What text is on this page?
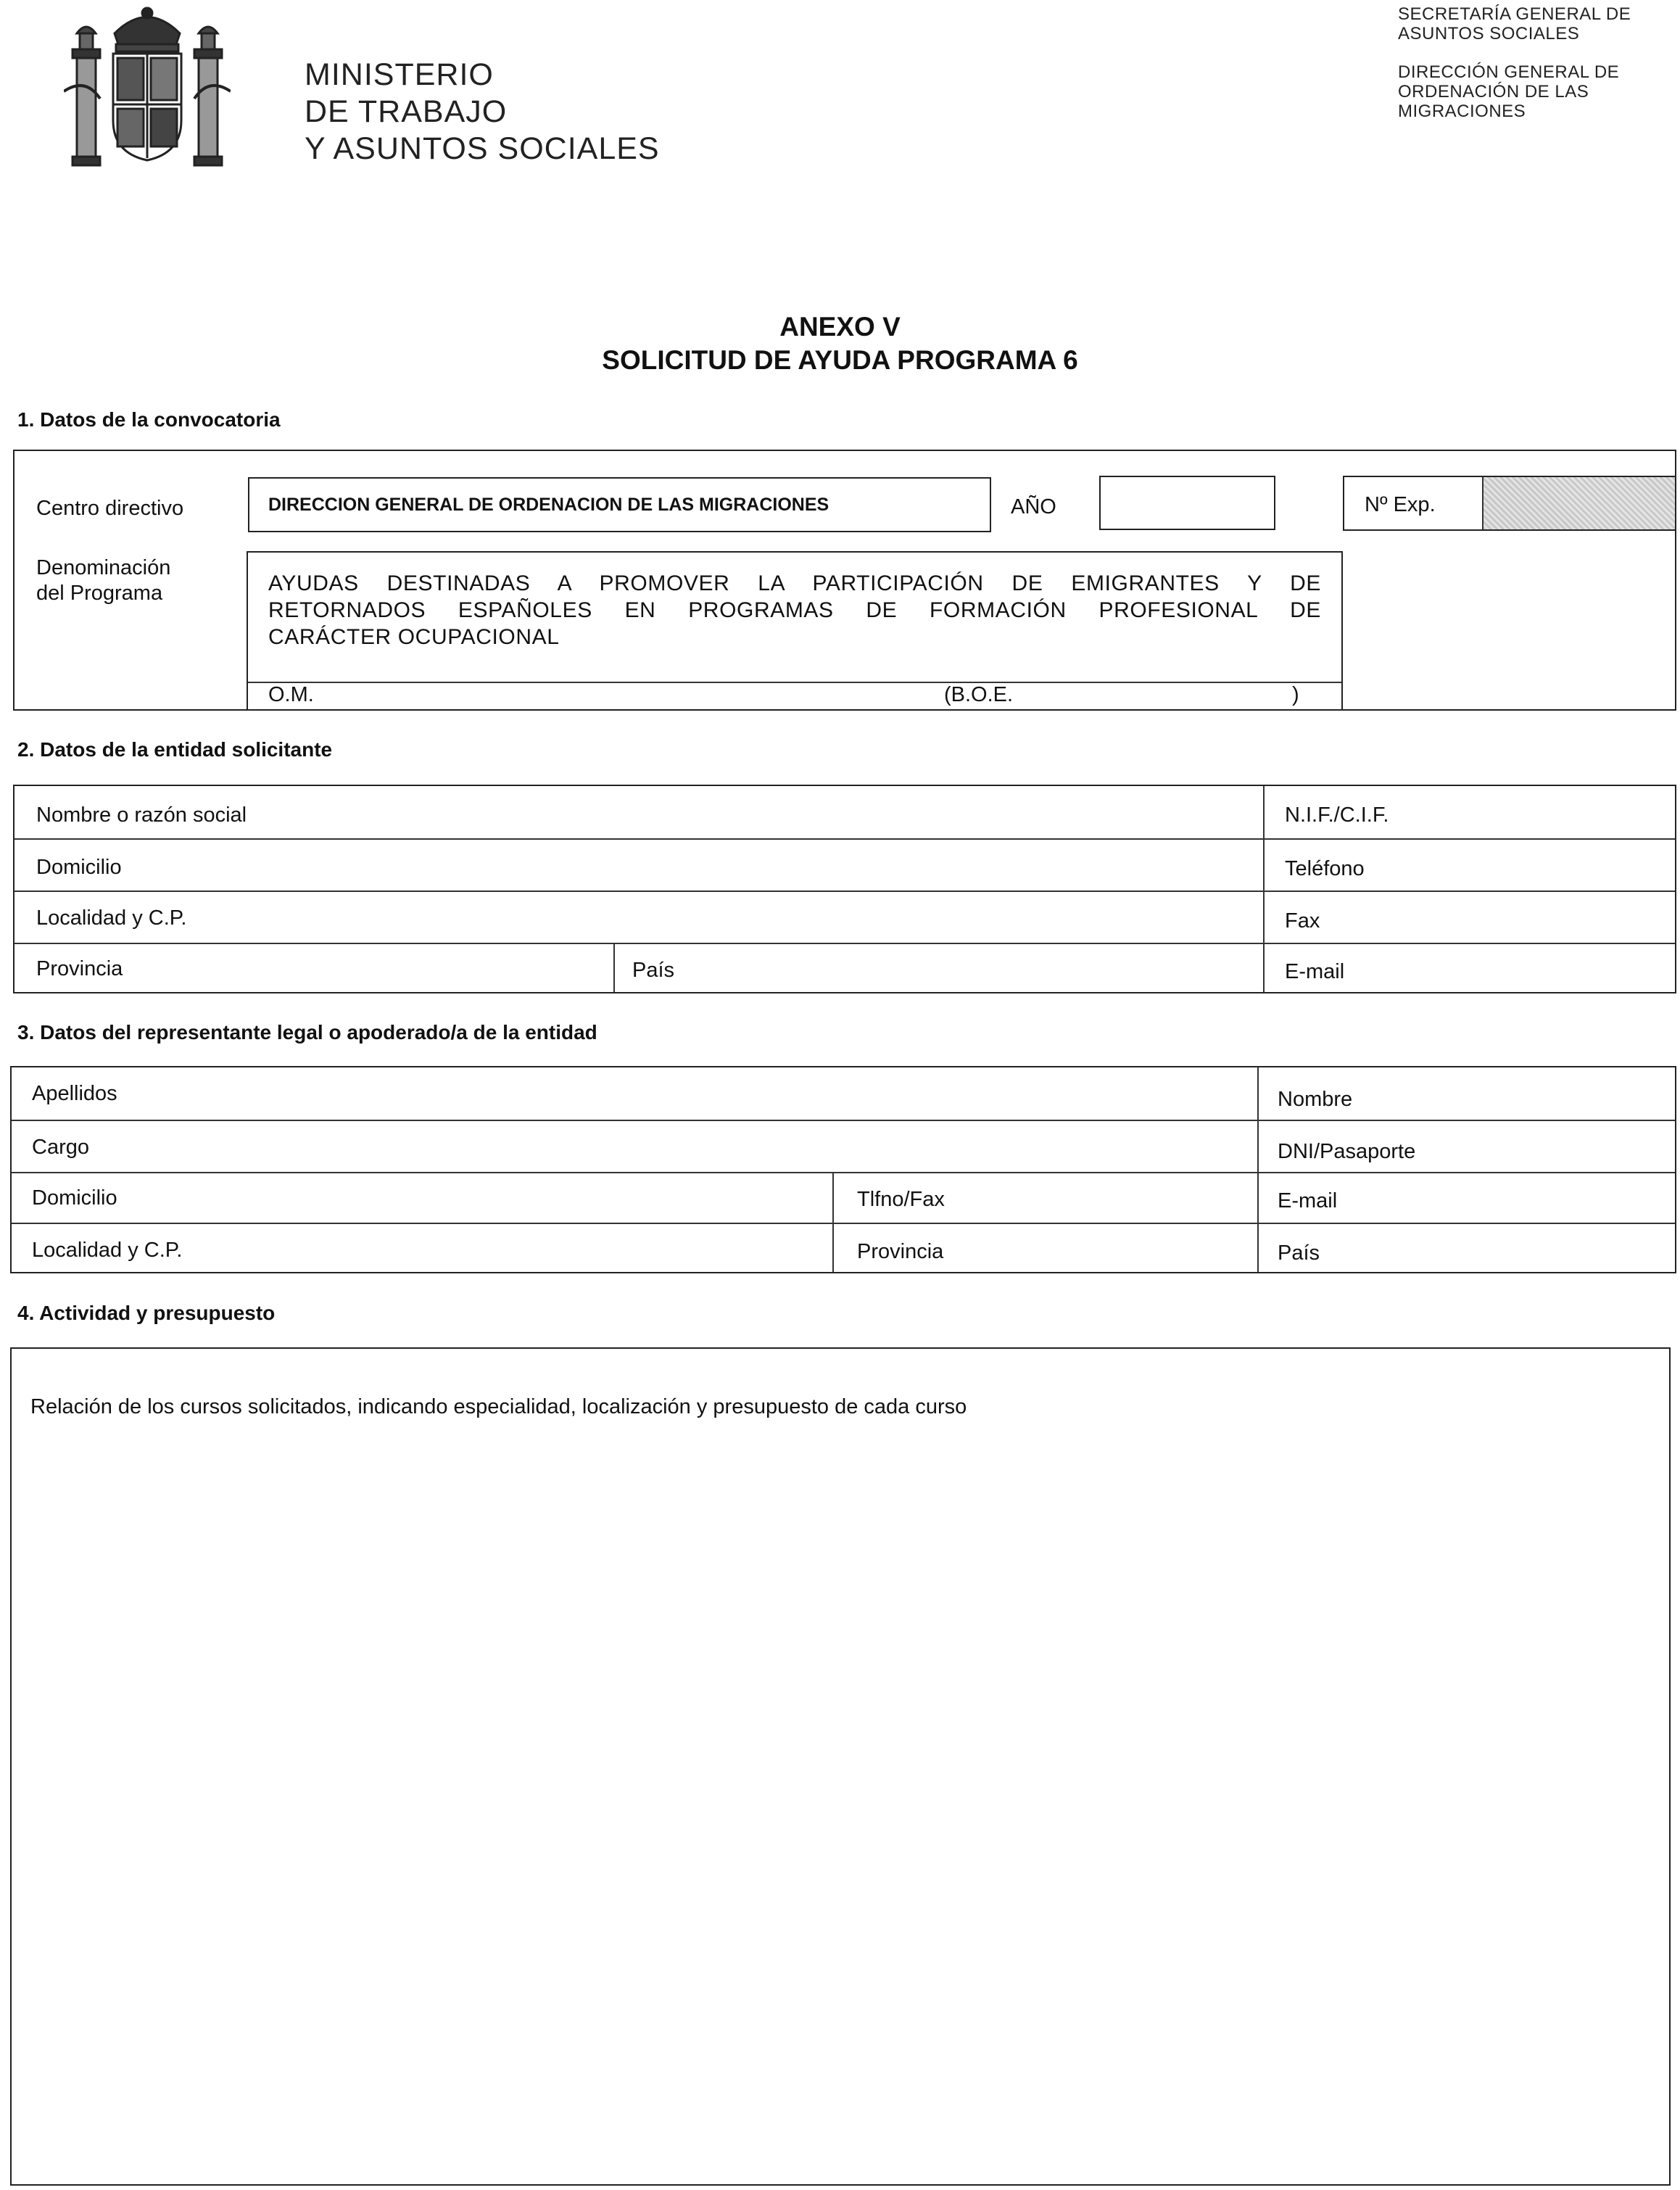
MINISTERIO
DE TRABAJO
Y ASUNTOS SOCIALES
SECRETARÍA GENERAL DE
ASUNTOS SOCIALES
DIRECCIÓN GENERAL DE
ORDENACIÓN DE LAS
MIGRACIONES
ANEXO V
SOLICITUD DE AYUDA PROGRAMA 6
1. Datos de la convocatoria
Centro directivo	DIRECCION GENERAL DE ORDENACION DE LAS MIGRACIONES	AÑO	Nº Exp.
Denominación
del Programa	AYUDAS DESTINADAS A PROMOVER LA PARTICIPACIÓN DE EMIGRANTES Y DE
RETORNADOS ESPAÑOLES EN PROGRAMAS DE FORMACIÓN PROFESIONAL DE
CARÁCTER OCUPACIONAL
O.M.	(B.O.E.	)
2. Datos de la entidad solicitante
Nombre o razón social	N.I.F./C.I.F.
Domicilio	Teléfono
Localidad y C.P.	Fax
Provincia	País	E-mail
3. Datos del representante legal o apoderado/a de la entidad
Apellidos	Nombre
Cargo	DNI/Pasaporte
Domicilio	Tlfno/Fax	E-mail
Localidad y C.P.	Provincia	País
4. Actividad y presupuesto
Relación de los cursos solicitados, indicando especialidad, localización y presupuesto de cada curso
